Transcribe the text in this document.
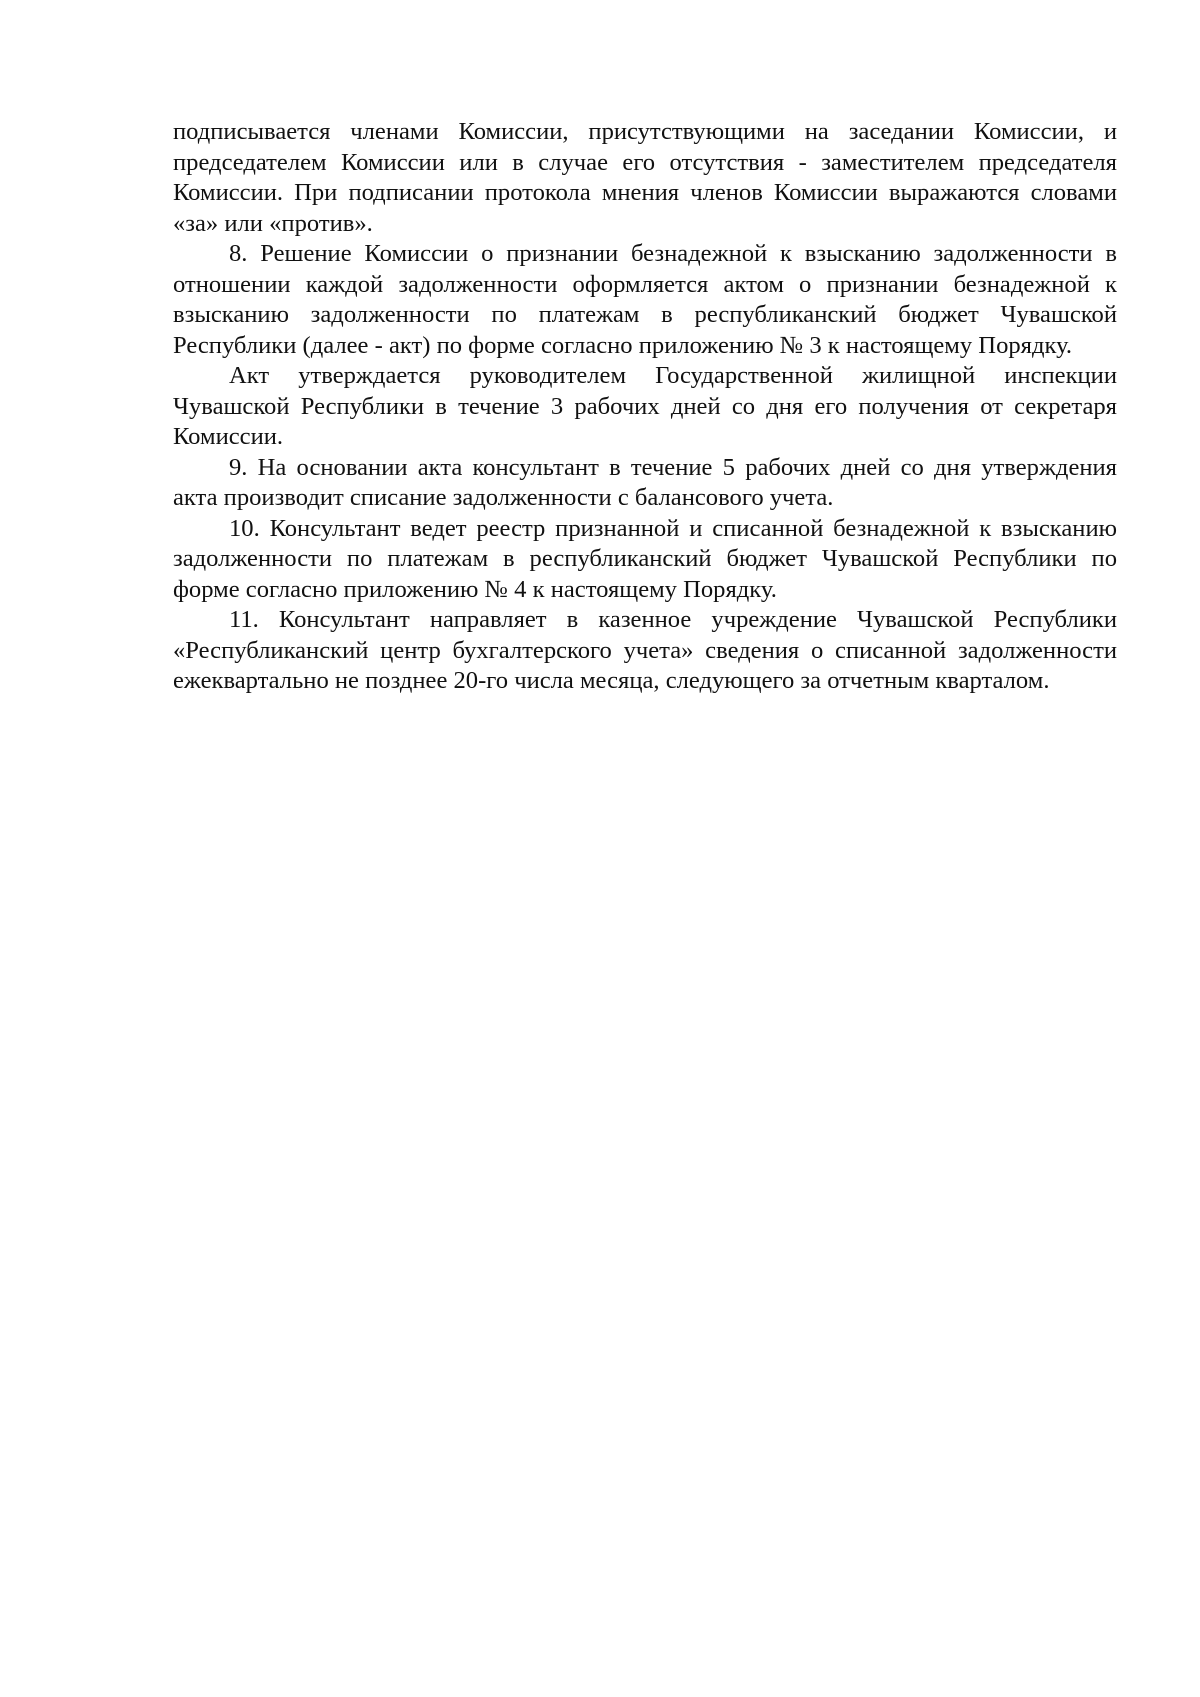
подписывается членами Комиссии, присутствующими на заседании Комиссии, и председателем Комиссии или в случае его отсутствия - заместителем председателя Комиссии. При подписании протокола мнения членов Комиссии выражаются словами «за» или «против».

8. Решение Комиссии о признании безнадежной к взысканию задолженности в отношении каждой задолженности оформляется актом о признании безнадежной к взысканию задолженности по платежам в республиканский бюджет Чувашской Республики (далее - акт) по форме согласно приложению № 3 к настоящему Порядку.

Акт утверждается руководителем Государственной жилищной инспекции Чувашской Республики в течение 3 рабочих дней со дня его получения от секретаря Комиссии.

9. На основании акта консультант в течение 5 рабочих дней со дня утверждения акта производит списание задолженности с балансового учета.

10. Консультант ведет реестр признанной и списанной безнадежной к взысканию задолженности по платежам в республиканский бюджет Чувашской Республики по форме согласно приложению № 4 к настоящему Порядку.

11. Консультант направляет в казенное учреждение Чувашской Республики «Республиканский центр бухгалтерского учета» сведения о списанной задолженности ежеквартально не позднее 20-го числа месяца, следующего за отчетным кварталом.
